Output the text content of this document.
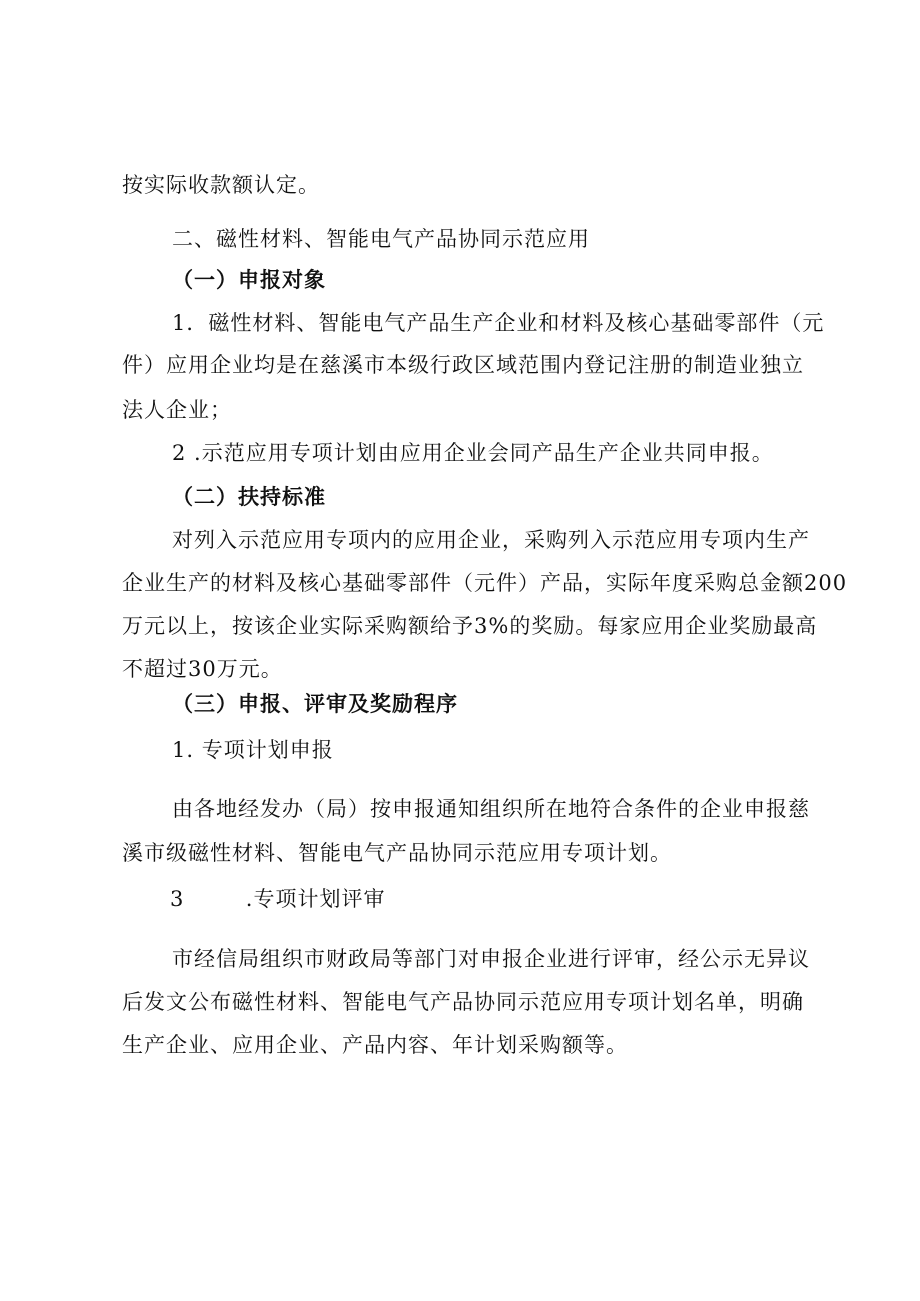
按实际收款额认定。
二、磁性材料、智能电气产品协同示范应用
（一）申报对象
1．磁性材料、智能电气产品生产企业和材料及核心基础零部件（元
件）应用企业均是在慈溪市本级行政区域范围内登记注册的制造业独立
法人企业；
2 .示范应用专项计划由应用企业会同产品生产企业共同申报。
（二）扶持标准
对列入示范应用专项内的应用企业，采购列入示范应用专项内生产
企业生产的材料及核心基础零部件（元件）产品，实际年度采购总金额200
万元以上，按该企业实际采购额给予3%的奖励。每家应用企业奖励最高
不超过30万元。
（三）申报、评审及奖励程序
1. 专项计划申报
由各地经发办（局）按申报通知组织所在地符合条件的企业申报慈
溪市级磁性材料、智能电气产品协同示范应用专项计划。
3        .专项计划评审
市经信局组织市财政局等部门对申报企业进行评审，经公示无异议
后发文公布磁性材料、智能电气产品协同示范应用专项计划名单，明确
生产企业、应用企业、产品内容、年计划采购额等。
